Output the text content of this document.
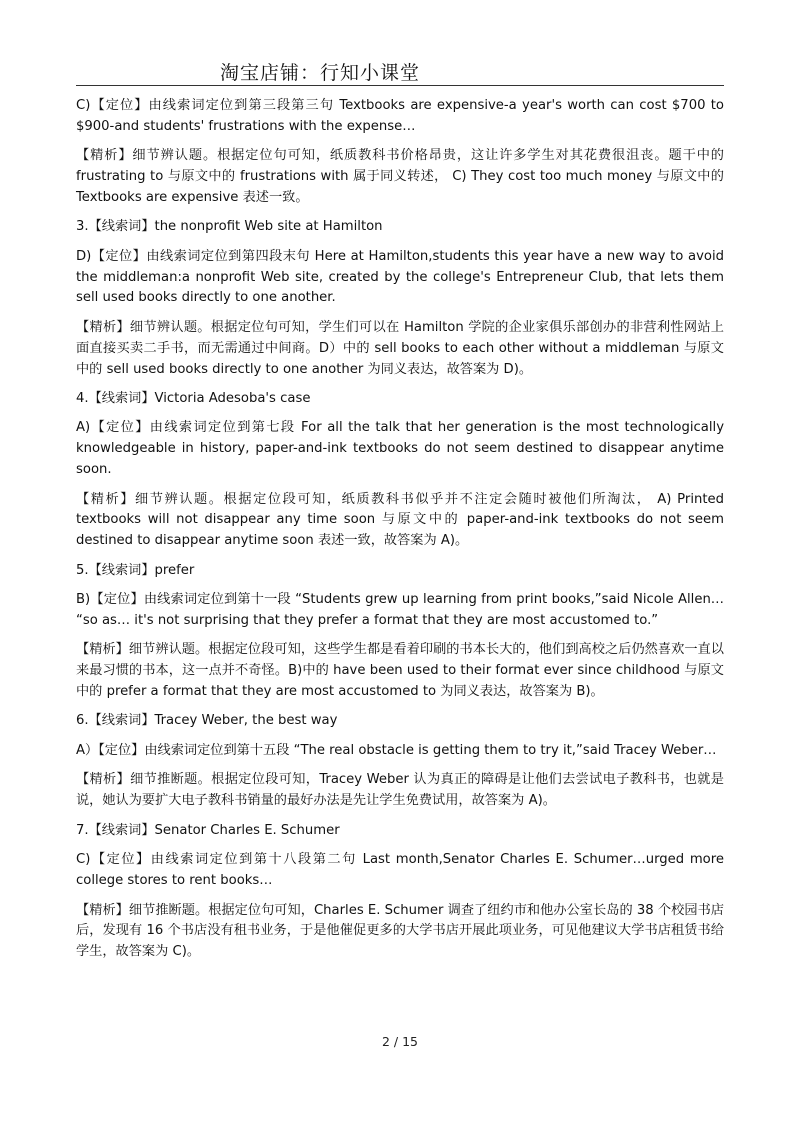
淘宝店铺：行知小课堂

C)【定位】由线索词定位到第三段第三句 Textbooks are expensive-a year's worth can cost $700 to $900-and students' frustrations with the expense…

【精析】细节辨认题。根据定位句可知，纸质教科书价格昂贵，这让许多学生对其花费很沮丧。题干中的 frustrating to 与原文中的 frustrations with 属于同义转述， C) They cost too much money 与原文中的 Textbooks are expensive 表述一致。

3.【线索词】the nonprofit Web site at Hamilton

D)【定位】由线索词定位到第四段末句 Here at Hamilton,students this year have a new way to avoid the middleman:a nonprofit Web site, created by the college's Entrepreneur Club, that lets them sell used books directly to one another.

【精析】细节辨认题。根据定位句可知，学生们可以在 Hamilton 学院的企业家俱乐部创办的非营利性网站上面直接买卖二手书，而无需通过中间商。D）中的 sell books to each other without a middleman 与原文中的 sell used books directly to one another 为同义表达，故答案为 D)。

4.【线索词】Victoria Adesoba's case

A)【定位】由线索词定位到第七段 For all the talk that her generation is the most technologically knowledgeable in history, paper-and-ink textbooks do not seem destined to disappear anytime soon.

【精析】细节辨认题。根据定位段可知，纸质教科书似乎并不注定会随时被他们所淘汰， A) Printed textbooks will not disappear any time soon 与原文中的 paper-and-ink textbooks do not seem destined to disappear anytime soon 表述一致，故答案为 A)。

5.【线索词】prefer

B)【定位】由线索词定位到第十一段 “Students grew up learning from print books,”said Nicole Allen… “so as… it's not surprising that they prefer a format that they are most accustomed to.”

【精析】细节辨认题。根据定位段可知，这些学生都是看着印刷的书本长大的，他们到高校之后仍然喜欢一直以来最习惯的书本，这一点并不奇怪。B)中的 have been used to their format ever since childhood 与原文中的 prefer a format that they are most accustomed to 为同义表达，故答案为 B)。

6.【线索词】Tracey Weber, the best way

A）【定位】由线索词定位到第十五段 “The real obstacle is getting them to try it,”said Tracey Weber…

【精析】细节推断题。根据定位段可知，Tracey Weber 认为真正的障碍是让他们去尝试电子教科书，也就是说，她认为要扩大电子教科书销量的最好办法是先让学生免费试用，故答案为 A)。

7.【线索词】Senator Charles E. Schumer

C)【定位】由线索词定位到第十八段第二句 Last month,Senator Charles E. Schumer…urged more college stores to rent books…

【精析】细节推断题。根据定位句可知，Charles E. Schumer 调查了纽约市和他办公室长岛的 38 个校园书店后，发现有 16 个书店没有租书业务，于是他催促更多的大学书店开展此项业务，可见他建议大学书店租赁书给学生，故答案为 C)。

2 / 15
